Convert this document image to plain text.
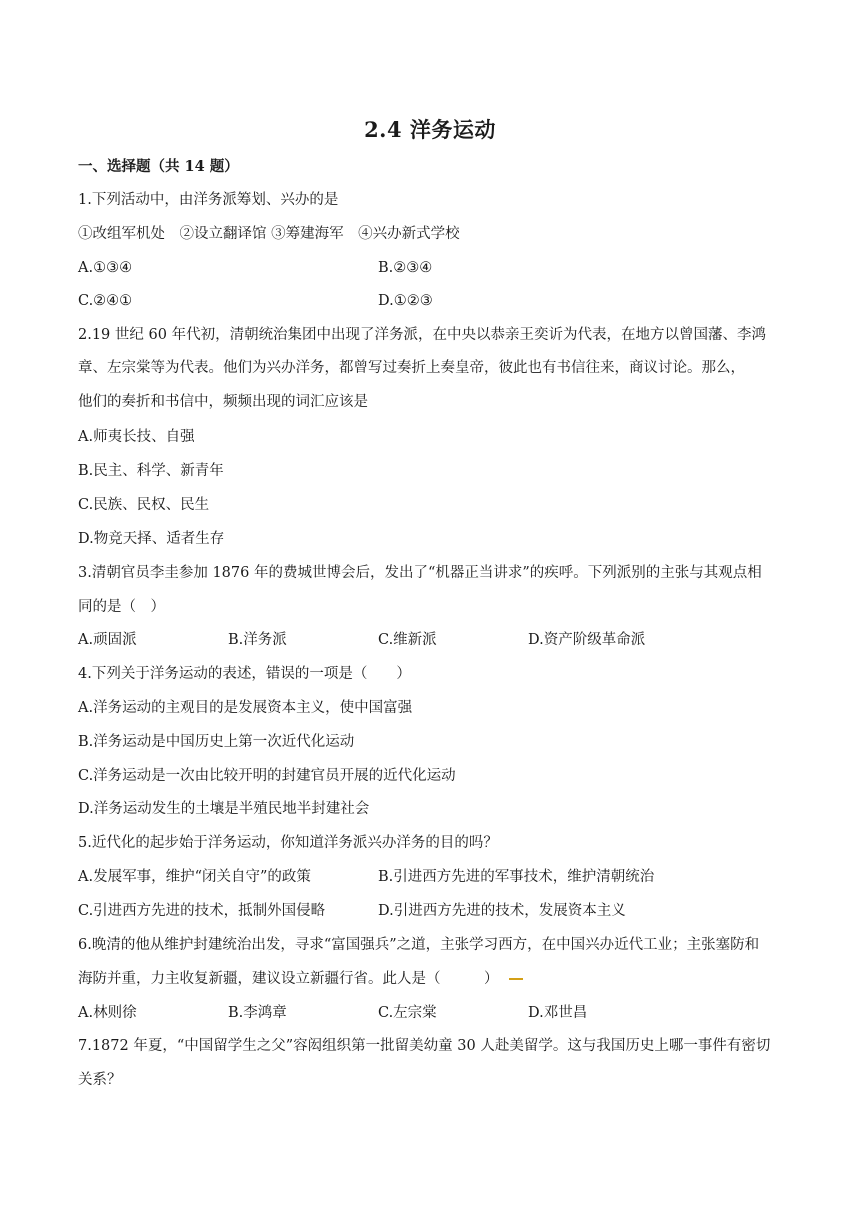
2.4 洋务运动
一、选择题（共 14 题）
1.下列活动中，由洋务派筹划、兴办的是
①改组军机处　②设立翻译馆 ③筹建海军　④兴办新式学校
A.①③④	B.②③④
C.②④①	D.①②③
2.19 世纪 60 年代初，清朝统治集团中出现了洋务派，在中央以恭亲王奕䜣为代表，在地方以曾国藩、李鸿
章、左宗棠等为代表。他们为兴办洋务，都曾写过奏折上奏皇帝，彼此也有书信往来，商议讨论。那么，
他们的奏折和书信中，频频出现的词汇应该是
A.师夷长技、自强
B.民主、科学、新青年
C.民族、民权、民生
D.物竞天择、适者生存
3.清朝官员李圭参加 1876 年的费城世博会后，发出了“机器正当讲求”的疾呼。下列派别的主张与其观点相
同的是（　）
A.顽固派	B.洋务派	C.维新派	D.资产阶级革命派
4.下列关于洋务运动的表述，错误的一项是（　　）
A.洋务运动的主观目的是发展资本主义，使中国富强
B.洋务运动是中国历史上第一次近代化运动
C.洋务运动是一次由比较开明的封建官员开展的近代化运动
D.洋务运动发生的土壤是半殖民地半封建社会
5.近代化的起步始于洋务运动，你知道洋务派兴办洋务的目的吗？
A.发展军事，维护“闭关自守”的政策	B.引进西方先进的军事技术，维护清朝统治
C.引进西方先进的技术，抵制外国侵略	D.引进西方先进的技术，发展资本主义
6.晚清的他从维护封建统治出发，寻求“富国强兵”之道，主张学习西方，在中国兴办近代工业；主张塞防和
海防并重，力主收复新疆，建议设立新疆行省。此人是（　　　）
A.林则徐	B.李鸿章	C.左宗棠	D.邓世昌
7.1872 年夏，“中国留学生之父”容闳组织第一批留美幼童 30 人赴美留学。这与我国历史上哪一事件有密切
关系？
